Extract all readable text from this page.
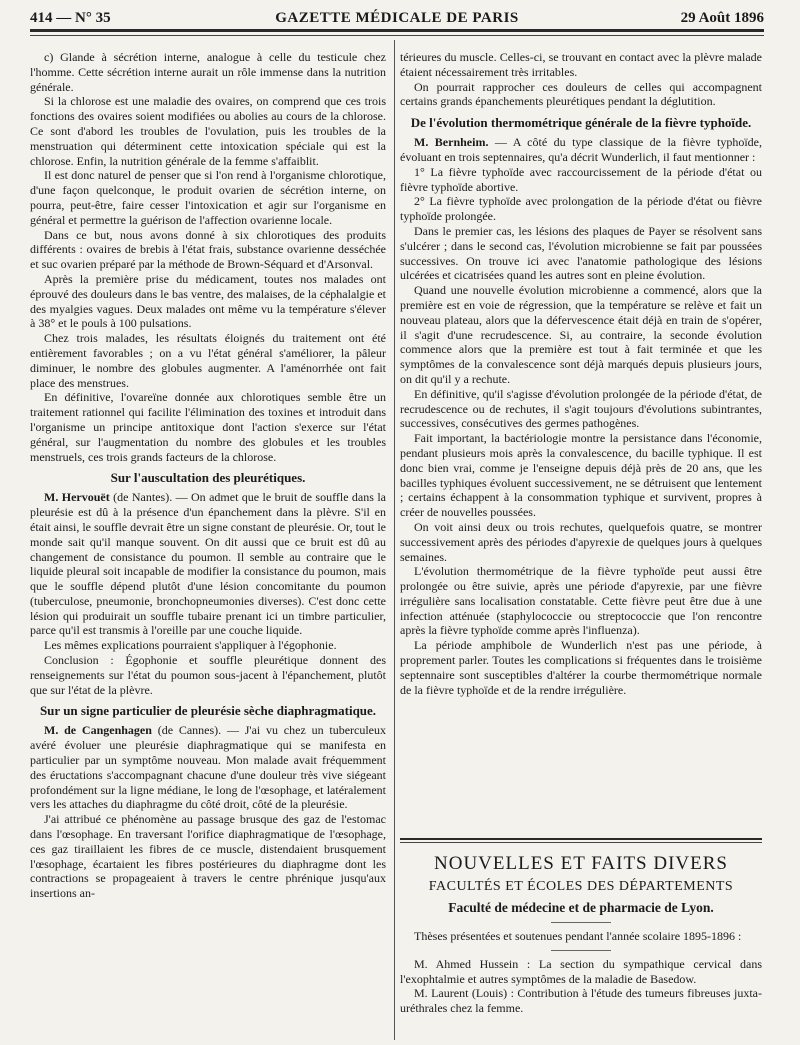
414 — N° 35	GAZETTE MÉDICALE DE PARIS	29 Août 1896

c) Glande à sécrétion interne, analogue à celle du testicule chez l'homme. Cette sécrétion interne aurait un rôle immense dans la nutrition générale.

Si la chlorose est une maladie des ovaires, on comprend que ces trois fonctions des ovaires soient modifiées ou abolies au cours de la chlorose. Ce sont d'abord les troubles de l'ovulation, puis les troubles de la menstruation qui déterminent cette intoxication spéciale qui est la chlorose. Enfin, la nutrition générale de la femme s'affaiblit.

Il est donc naturel de penser que si l'on rend à l'organisme chlorotique, d'une façon quelconque, le produit ovarien de sécrétion interne, on pourra, peut-être, faire cesser l'intoxication et agir sur l'organisme en général et permettre la guérison de l'affection ovarienne locale.

Dans ce but, nous avons donné à six chlorotiques des produits différents : ovaires de brebis à l'état frais, substance ovarienne desséchée et suc ovarien préparé par la méthode de Brown-Séquard et d'Arsonval.

Après la première prise du médicament, toutes nos malades ont éprouvé des douleurs dans le bas ventre, des malaises, de la céphalalgie et des myalgies vagues. Deux malades ont même vu la température s'élever à 38° et le pouls à 100 pulsations.

Chez trois malades, les résultats éloignés du traitement ont été entièrement favorables ; on a vu l'état général s'améliorer, la pâleur diminuer, le nombre des globules augmenter. A l'aménorrhée ont fait place des menstrues.

En définitive, l'ovareïne donnée aux chlorotiques semble être un traitement rationnel qui facilite l'élimination des toxines et introduit dans l'organisme un principe antitoxique dont l'action s'exerce sur l'état général, sur l'augmentation du nombre des globules et les troubles menstruels, ces trois grands facteurs de la chlorose.

Sur l'auscultation des pleurétiques.

M. Hervouët (de Nantes). — On admet que le bruit de souffle dans la pleurésie est dû à la présence d'un épanchement dans la plèvre. S'il en était ainsi, le souffle devrait être un signe constant de pleurésie. Or, tout le monde sait qu'il manque souvent. On dit aussi que ce bruit est dû au changement de consistance du poumon. Il semble au contraire que le liquide pleural soit incapable de modifier la consistance du poumon, mais que le souffle dépend plutôt d'une lésion concomitante du poumon (tuberculose, pneumonie, bronchopneumonies diverses). C'est donc cette lésion qui produirait un souffle tubaire prenant ici un timbre particulier, parce qu'il est transmis à l'oreille par une couche liquide.

Les mêmes explications pourraient s'appliquer à l'égophonie.

Conclusion : Égophonie et souffle pleurétique donnent des renseignements sur l'état du poumon sous-jacent à l'épanchement, plutôt que sur l'état de la plèvre.

Sur un signe particulier de pleurésie sèche diaphragmatique.

M. de Cangenhagen (de Cannes). — J'ai vu chez un tuberculeux avéré évoluer une pleurésie diaphragmatique qui se manifesta en particulier par un symptôme nouveau. Mon malade avait fréquemment des éructations s'accompagnant chacune d'une douleur très vive siégeant profondément sur la ligne médiane, le long de l'œsophage, et latéralement vers les attaches du diaphragme du côté droit, côté de la pleurésie.

J'ai attribué ce phénomène au passage brusque des gaz de l'estomac dans l'œsophage. En traversant l'orifice diaphragmatique de l'œsophage, ces gaz tiraillaient les fibres de ce muscle, distendaient brusquement l'œsophage, écartaient les fibres postérieures du diaphragme dont les contractions se propageaient à travers le centre phrénique jusqu'aux insertions an-

térieures du muscle. Celles-ci, se trouvant en contact avec la plèvre malade étaient nécessairement très irritables.

On pourrait rapprocher ces douleurs de celles qui accompagnent certains grands épanchements pleurétiques pendant la déglutition.

De l'évolution thermométrique générale de la fièvre typhoïde.

M. Bernheim. — A côté du type classique de la fièvre typhoïde, évoluant en trois septennaires, qu'a décrit Wunderlich, il faut mentionner :

1° La fièvre typhoïde avec raccourcissement de la période d'état ou fièvre typhoïde abortive.

2° La fièvre typhoïde avec prolongation de la période d'état ou fièvre typhoïde prolongée.

Dans le premier cas, les lésions des plaques de Payer se résolvent sans s'ulcérer ; dans le second cas, l'évolution microbienne se fait par poussées successives. On trouve ici avec l'anatomie pathologique des lésions ulcérées et cicatrisées quand les autres sont en pleine évolution.

Quand une nouvelle évolution microbienne a commencé, alors que la première est en voie de régression, que la température se relève et fait un nouveau plateau, alors que la défervescence était déjà en train de s'opérer, il s'agit d'une recrudescence. Si, au contraire, la seconde évolution commence alors que la première est tout à fait terminée et que les symptômes de la convalescence sont déjà marqués depuis plusieurs jours, on dit qu'il y a rechute.

En définitive, qu'il s'agisse d'évolution prolongée de la période d'état, de recrudescence ou de rechutes, il s'agit toujours d'évolutions subintrantes, successives, consécutives des germes pathogènes.

Fait important, la bactériologie montre la persistance dans l'économie, pendant plusieurs mois après la convalescence, du bacille typhique. Il est donc bien vrai, comme je l'enseigne depuis déjà près de 20 ans, que les bacilles typhiques évoluent successivement, ne se détruisent que lentement ; certains échappent à la consommation typhique et survivent, propres à créer de nouvelles poussées.

On voit ainsi deux ou trois rechutes, quelquefois quatre, se montrer successivement après des périodes d'apyrexie de quelques jours à quelques semaines.

L'évolution thermométrique de la fièvre typhoïde peut aussi être prolongée ou être suivie, après une période d'apyrexie, par une fièvre irrégulière sans localisation constatable. Cette fièvre peut être due à une infection atténuée (staphylococcie ou streptococcie que l'on rencontre après la fièvre typhoïde comme après l'influenza).

La période amphibole de Wunderlich n'est pas une période, à proprement parler. Toutes les complications si fréquentes dans le troisième septennaire sont susceptibles d'altérer la courbe thermométrique normale de la fièvre typhoïde et de la rendre irrégulière.

NOUVELLES ET FAITS DIVERS
FACULTÉS ET ÉCOLES DES DÉPARTEMENTS
Faculté de médecine et de pharmacie de Lyon.

Thèses présentées et soutenues pendant l'année scolaire 1895-1896 :

M. Ahmed Hussein : La section du sympathique cervical dans l'exophtalmie et autres symptômes de la maladie de Basedow.

M. Laurent (Louis) : Contribution à l'étude des tumeurs fibreuses juxta-uréthrales chez la femme.
